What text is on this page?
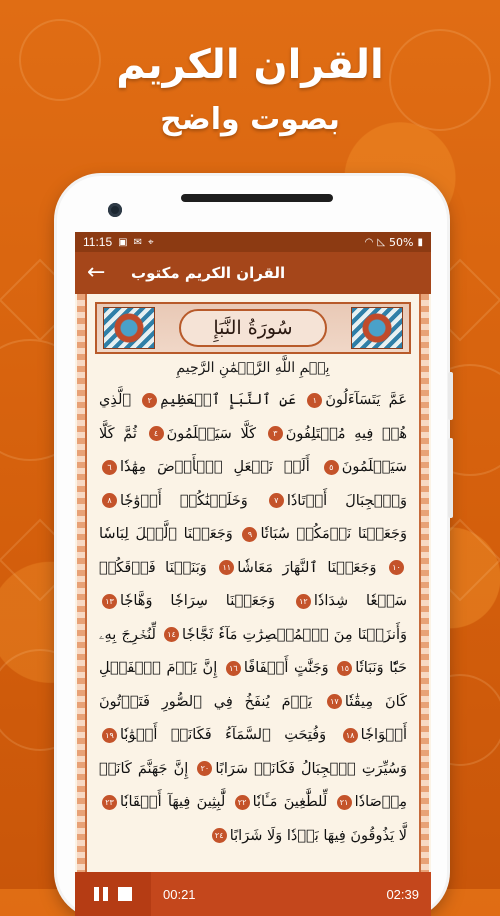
القران الكريم
بصوت واضح
11:15 ▣ ✉ ⌖	◠ ◺ 50% ▮
←	القران الكريم مكتوب
سُورَةُ النَّبَإِ
بِسۡمِ اللَّهِ الرَّحۡمَٰنِ الرَّحِيمِ
عَمَّ يَتَسَآءَلُونَ١ عَنِ ٱلنَّبَإِ ٱلۡعَظِيمِ٢ ٱلَّذِي هُمۡ فِيهِ مُخۡتَلِفُونَ٣ كَلَّا سَيَعۡلَمُونَ٤ ثُمَّ كَلَّا سَيَعۡلَمُونَ٥ أَلَمۡ نَجۡعَلِ ٱلۡأَرۡضَ مِهَٰدٗا٦ وَٱلۡجِبَالَ أَوۡتَادٗا٧ وَخَلَقۡنَٰكُمۡ أَزۡوَٰجٗا٨ وَجَعَلۡنَا نَوۡمَكُمۡ سُبَاتٗا٩ وَجَعَلۡنَا ٱلَّيۡلَ لِبَاسٗا١٠ وَجَعَلۡنَا ٱلنَّهَارَ مَعَاشٗا١١ وَبَنَيۡنَا فَوۡقَكُمۡ سَبۡعٗا شِدَادٗا١٢ وَجَعَلۡنَا سِرَاجٗا وَهَّاجٗا١٣ وَأَنزَلۡنَا مِنَ ٱلۡمُعۡصِرَٰتِ مَآءٗ ثَجَّاجٗا١٤ لِّنُخۡرِجَ بِهِۦ حَبّٗا وَنَبَاتٗا١٥ وَجَنَّٰتٍ أَلۡفَافًا١٦ إِنَّ يَوۡمَ ٱلۡفَصۡلِ كَانَ مِيقَٰتٗا١٧ يَوۡمَ يُنفَخُ فِي ٱلصُّورِ فَتَأۡتُونَ أَفۡوَاجٗا١٨ وَفُتِحَتِ ٱلسَّمَآءُ فَكَانَتۡ أَبۡوَٰبٗا١٩ وَسُيِّرَتِ ٱلۡجِبَالُ فَكَانَتۡ سَرَابًا٢٠ إِنَّ جَهَنَّمَ كَانَتۡ مِرۡصَادٗا٢١ لِّلطَّٰغِينَ مَـَٔابٗا٢٢ لَّٰبِثِينَ فِيهَآ أَحۡقَابٗا٢٣ لَّا يَذُوقُونَ فِيهَا بَرۡدٗا وَلَا شَرَابًا٢٤
00:21	02:39
